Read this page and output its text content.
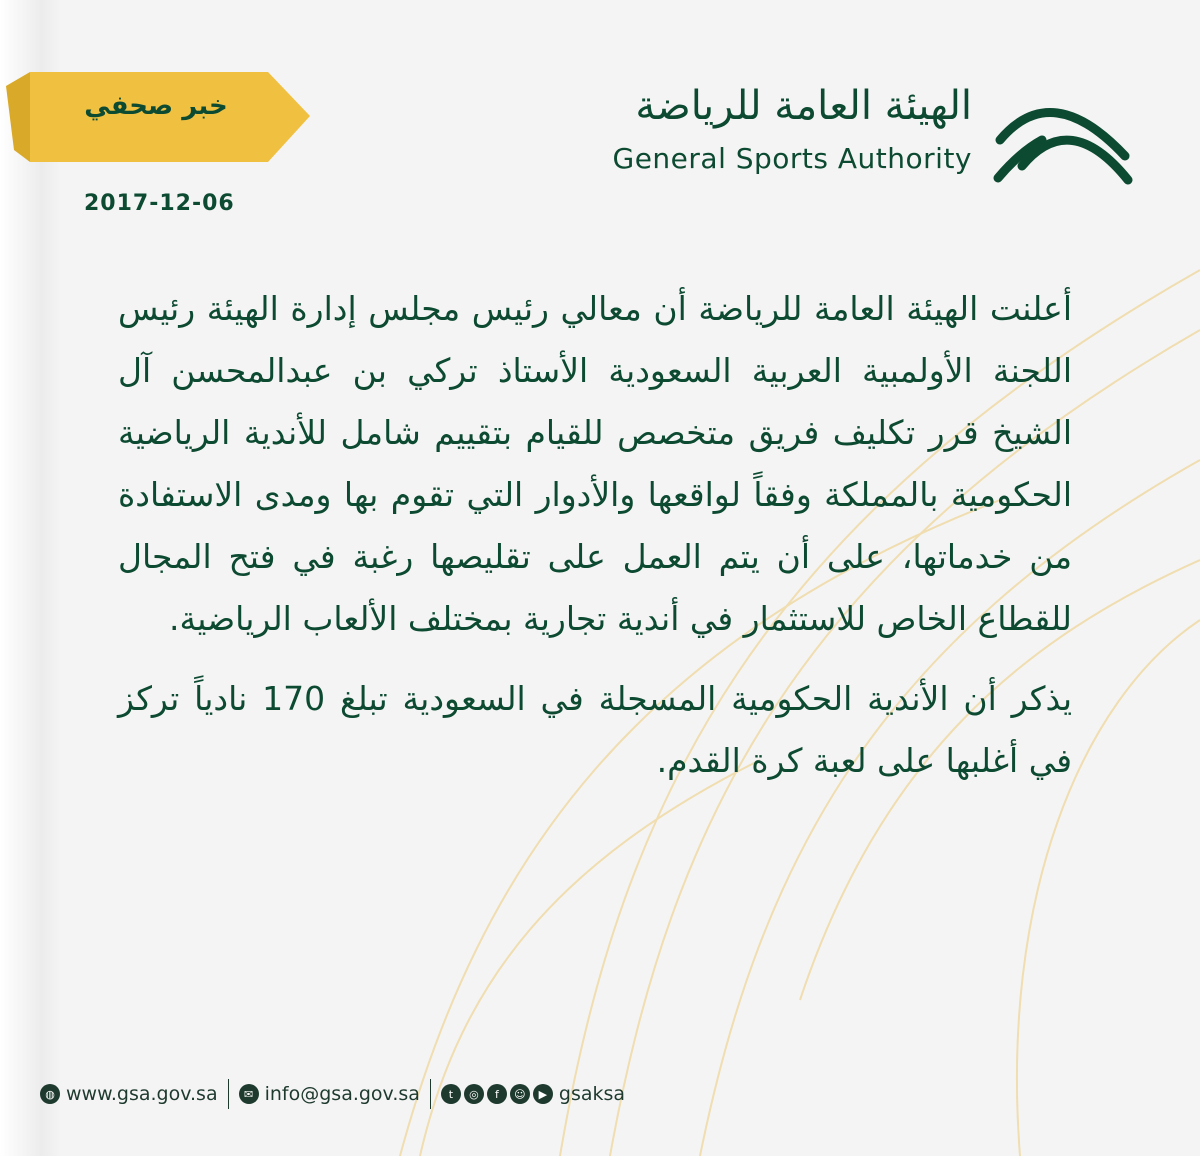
خبر صحفي
2017-12-06
الهيئة العامة للرياضة
General Sports Authority

أعلنت الهيئة العامة للرياضة أن معالي رئيس مجلس إدارة الهيئة رئيس اللجنة الأولمبية العربية السعودية الأستاذ تركي بن عبدالمحسن آل الشيخ قرر تكليف فريق متخصص للقيام بتقييم شامل للأندية الرياضية الحكومية بالمملكة وفقاً لواقعها والأدوار التي تقوم بها ومدى الاستفادة من خدماتها، على أن يتم العمل على تقليصها رغبة في فتح المجال للقطاع الخاص للاستثمار في أندية تجارية بمختلف الألعاب الرياضية.

يذكر أن الأندية الحكومية المسجلة في السعودية تبلغ 170 نادياً تركز في أغلبها على لعبة كرة القدم.

◍ www.gsa.gov.sa	✉ info@gsa.gov.sa	t	◎	f	☺	▶ gsaksa
